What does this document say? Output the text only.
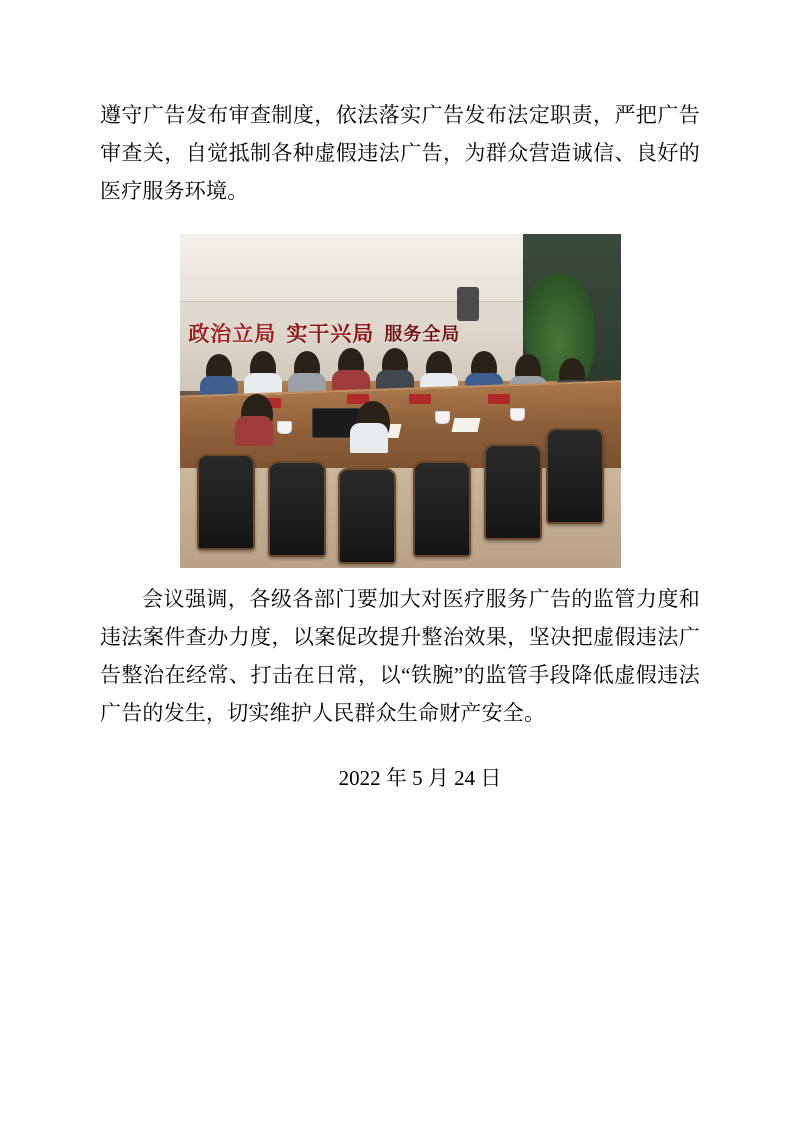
遵守广告发布审查制度，依法落实广告发布法定职责，严把广告审查关，自觉抵制各种虚假违法广告，为群众营造诚信、良好的医疗服务环境。

政治立局 实干兴局 服务全局

会议强调，各级各部门要加大对医疗服务广告的监管力度和违法案件查办力度，以案促改提升整治效果，坚决把虚假违法广告整治在经常、打击在日常，以“铁腕”的监管手段降低虚假违法广告的发生，切实维护人民群众生命财产安全。

2022 年 5 月 24 日
